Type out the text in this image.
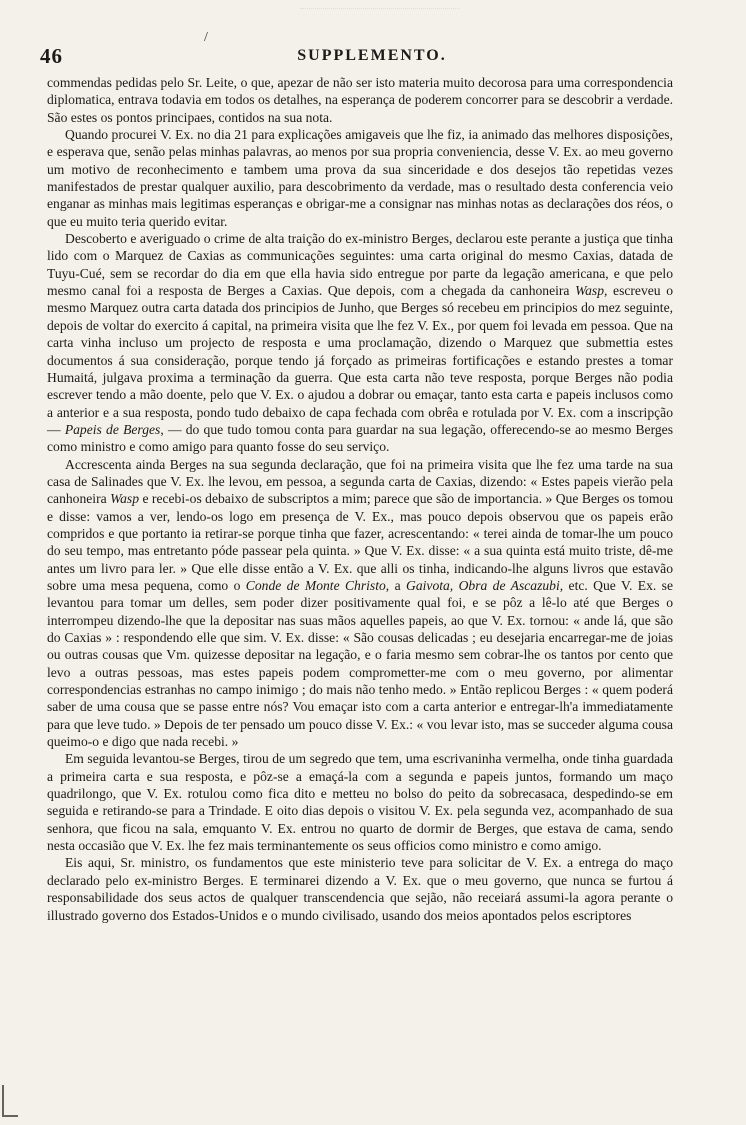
/
46	SUPPLEMENTO.

commendas pedidas pelo Sr. Leite, o que, apezar de não ser isto materia muito decorosa para uma correspondencia diplomatica, entrava todavia em todos os detalhes, na esperança de poderem concorrer para se descobrir a verdade. São estes os pontos principaes, contidos na sua nota.

Quando procurei V. Ex. no dia 21 para explicações amigaveis que lhe fiz, ia animado das melhores disposições, e esperava que, senão pelas minhas palavras, ao menos por sua propria conveniencia, desse V. Ex. ao meu governo um motivo de reconhecimento e tambem uma prova da sua sinceridade e dos desejos tão repetidas vezes manifestados de prestar qualquer auxilio, para descobrimento da verdade, mas o resultado desta conferencia veio enganar as minhas mais legitimas esperanças e obrigar-me a consignar nas minhas notas as declarações dos réos, o que eu muito teria querido evitar.

Descoberto e averiguado o crime de alta traição do ex-ministro Berges, declarou este perante a justiça que tinha lido com o Marquez de Caxias as communicações seguintes: uma carta original do mesmo Caxias, datada de Tuyu-Cué, sem se recordar do dia em que ella havia sido entregue por parte da legação americana, e que pelo mesmo canal foi a resposta de Berges a Caxias. Que depois, com a chegada da canhoneira Wasp, escreveu o mesmo Marquez outra carta datada dos principios de Junho, que Berges só recebeu em principios do mez seguinte, depois de voltar do exercito á capital, na primeira visita que lhe fez V. Ex., por quem foi levada em pessoa. Que na carta vinha incluso um projecto de resposta e uma proclamação, dizendo o Marquez que submettia estes documentos á sua consideração, porque tendo já forçado as primeiras fortificações e estando prestes a tomar Humaitá, julgava proxima a terminação da guerra. Que esta carta não teve resposta, porque Berges não podia escrever tendo a mão doente, pelo que V. Ex. o ajudou a dobrar ou emaçar, tanto esta carta e papeis inclusos como a anterior e a sua resposta, pondo tudo debaixo de capa fechada com obrêa e rotulada por V. Ex. com a inscripção — Papeis de Berges, — do que tudo tomou conta para guardar na sua legação, offerecendo-se ao mesmo Berges como ministro e como amigo para quanto fosse do seu serviço.

Accrescenta ainda Berges na sua segunda declaração, que foi na primeira visita que lhe fez uma tarde na sua casa de Salinades que V. Ex. lhe levou, em pessoa, a segunda carta de Caxias, dizendo: « Estes papeis vierão pela canhoneira Wasp e recebi-os debaixo de subscriptos a mim; parece que são de importancia. » Que Berges os tomou e disse: vamos a ver, lendo-os logo em presença de V. Ex., mas pouco depois observou que os papeis erão compridos e que portanto ia retirar-se porque tinha que fazer, acrescentando: « terei ainda de tomar-lhe um pouco do seu tempo, mas entretanto póde passear pela quinta. » Que V. Ex. disse: « a sua quinta está muito triste, dê-me antes um livro para ler. » Que elle disse então a V. Ex. que alli os tinha, indicando-lhe alguns livros que estavão sobre uma mesa pequena, como o Conde de Monte Christo, a Gaivota, Obra de Ascazubi, etc. Que V. Ex. se levantou para tomar um delles, sem poder dizer positivamente qual foi, e se pôz a lê-lo até que Berges o interrompeu dizendo-lhe que la depositar nas suas mãos aquelles papeis, ao que V. Ex. tornou: « ande lá, que são do Caxias » : respondendo elle que sim. V. Ex. disse: « São cousas delicadas ; eu desejaria encarregar-me de joias ou outras cousas que Vm. quizesse depositar na legação, e o faria mesmo sem cobrar-lhe os tantos por cento que levo a outras pessoas, mas estes papeis podem comprometter-me com o meu governo, por alimentar correspondencias estranhas no campo inimigo ; do mais não tenho medo. » Então replicou Berges : « quem poderá saber de uma cousa que se passe entre nós? Vou emaçar isto com a carta anterior e entregar-lh'a immediatamente para que leve tudo. » Depois de ter pensado um pouco disse V. Ex.: « vou levar isto, mas se succeder alguma cousa queimo-o e digo que nada recebi. »

Em seguida levantou-se Berges, tirou de um segredo que tem, uma escrivaninha vermelha, onde tinha guardada a primeira carta e sua resposta, e pôz-se a emaçá-la com a segunda e papeis juntos, formando um maço quadrilongo, que V. Ex. rotulou como fica dito e metteu no bolso do peito da sobrecasaca, despedindo-se em seguida e retirando-se para a Trindade. E oito dias depois o visitou V. Ex. pela segunda vez, acompanhado de sua senhora, que ficou na sala, emquanto V. Ex. entrou no quarto de dormir de Berges, que estava de cama, sendo nesta occasião que V. Ex. lhe fez mais terminantemente os seus officios como ministro e como amigo.

Eis aqui, Sr. ministro, os fundamentos que este ministerio teve para solicitar de V. Ex. a entrega do maço declarado pelo ex-ministro Berges. E terminarei dizendo a V. Ex. que o meu governo, que nunca se furtou á responsabilidade dos seus actos de qualquer transcendencia que sejão, não receiará assumi-la agora perante o illustrado governo dos Estados-Unidos e o mundo civilisado, usando dos meios apontados pelos escriptores
